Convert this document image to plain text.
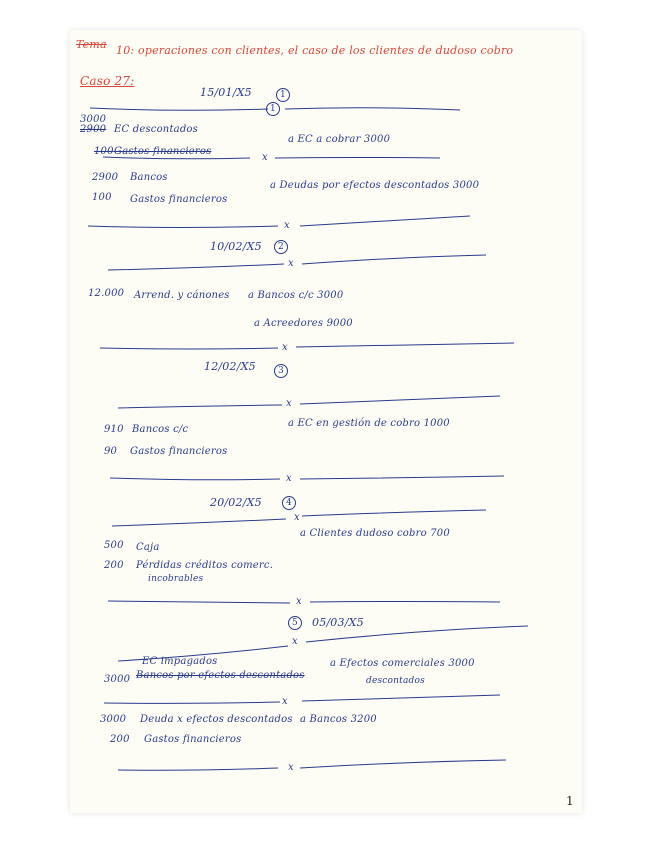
Tema 10: operaciones con clientes, el caso de los clientes de dudoso cobro
Caso 27:
15/01/X5	1
1
3000
2900 EC descontados
a EC a cobrar 3000
100 Gastos financieros
x
2900 Bancos
a Deudas por efectos descontados 3000
100 Gastos financieros
x
10/02/X5	2
x
12.000 Arrend. y cánones a Bancos c/c 3000
a Acreedores 9000
x
12/02/X5	3
x
910 Bancos c/c
a EC en gestión de cobro 1000
90 Gastos financieros
x
20/02/X5	4
x
a Clientes dudoso cobro 700
500 Caja
200 Pérdidas créditos comerc.
incobrables
x
5	05/03/X5
x
EC impagados
3000 Bancos por efectos descontados
a Efectos comerciales 3000
descontados
x
3000 Deuda x efectos descontados a Bancos 3200
200 Gastos financieros
x
1
